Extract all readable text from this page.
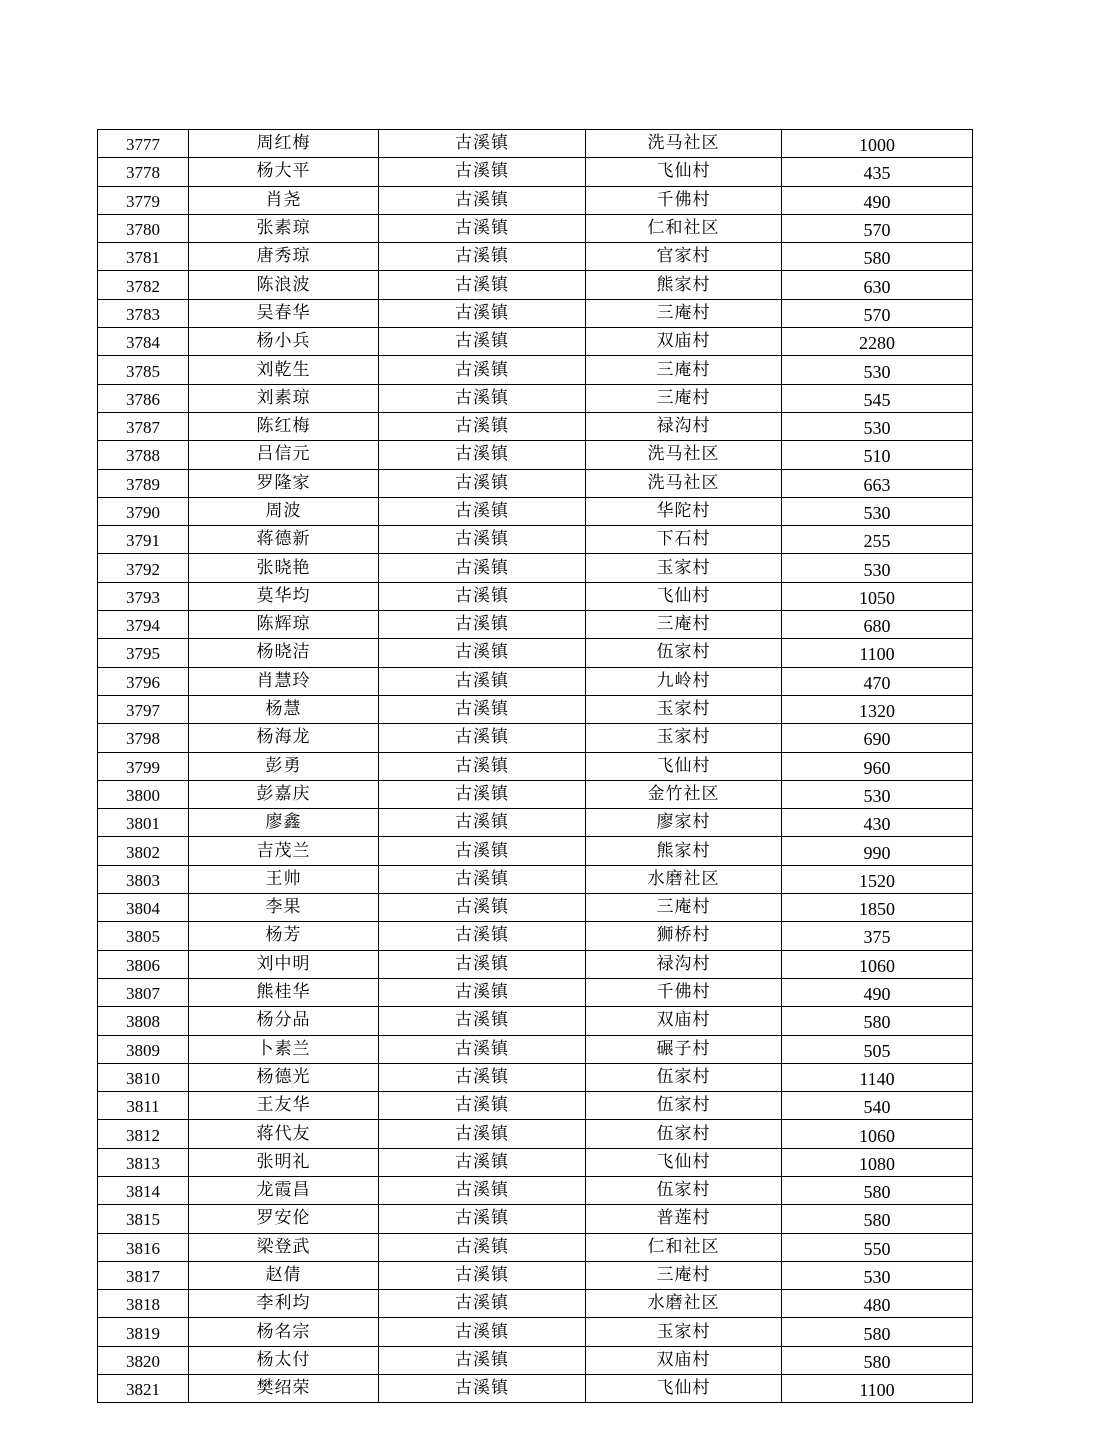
3777	周红梅	古溪镇	洗马社区	1000
3778	杨大平	古溪镇	飞仙村	435
3779	肖尧	古溪镇	千佛村	490
3780	张素琼	古溪镇	仁和社区	570
3781	唐秀琼	古溪镇	官家村	580
3782	陈浪波	古溪镇	熊家村	630
3783	吴春华	古溪镇	三庵村	570
3784	杨小兵	古溪镇	双庙村	2280
3785	刘乾生	古溪镇	三庵村	530
3786	刘素琼	古溪镇	三庵村	545
3787	陈红梅	古溪镇	禄沟村	530
3788	吕信元	古溪镇	洗马社区	510
3789	罗隆家	古溪镇	洗马社区	663
3790	周波	古溪镇	华陀村	530
3791	蒋德新	古溪镇	下石村	255
3792	张晓艳	古溪镇	玉家村	530
3793	莫华均	古溪镇	飞仙村	1050
3794	陈辉琼	古溪镇	三庵村	680
3795	杨晓洁	古溪镇	伍家村	1100
3796	肖慧玲	古溪镇	九岭村	470
3797	杨慧	古溪镇	玉家村	1320
3798	杨海龙	古溪镇	玉家村	690
3799	彭勇	古溪镇	飞仙村	960
3800	彭嘉庆	古溪镇	金竹社区	530
3801	廖鑫	古溪镇	廖家村	430
3802	吉茂兰	古溪镇	熊家村	990
3803	王帅	古溪镇	水磨社区	1520
3804	李果	古溪镇	三庵村	1850
3805	杨芳	古溪镇	狮桥村	375
3806	刘中明	古溪镇	禄沟村	1060
3807	熊桂华	古溪镇	千佛村	490
3808	杨分品	古溪镇	双庙村	580
3809	卜素兰	古溪镇	碾子村	505
3810	杨德光	古溪镇	伍家村	1140
3811	王友华	古溪镇	伍家村	540
3812	蒋代友	古溪镇	伍家村	1060
3813	张明礼	古溪镇	飞仙村	1080
3814	龙霞昌	古溪镇	伍家村	580
3815	罗安伦	古溪镇	普莲村	580
3816	梁登武	古溪镇	仁和社区	550
3817	赵倩	古溪镇	三庵村	530
3818	李利均	古溪镇	水磨社区	480
3819	杨名宗	古溪镇	玉家村	580
3820	杨太付	古溪镇	双庙村	580
3821	樊绍荣	古溪镇	飞仙村	1100
